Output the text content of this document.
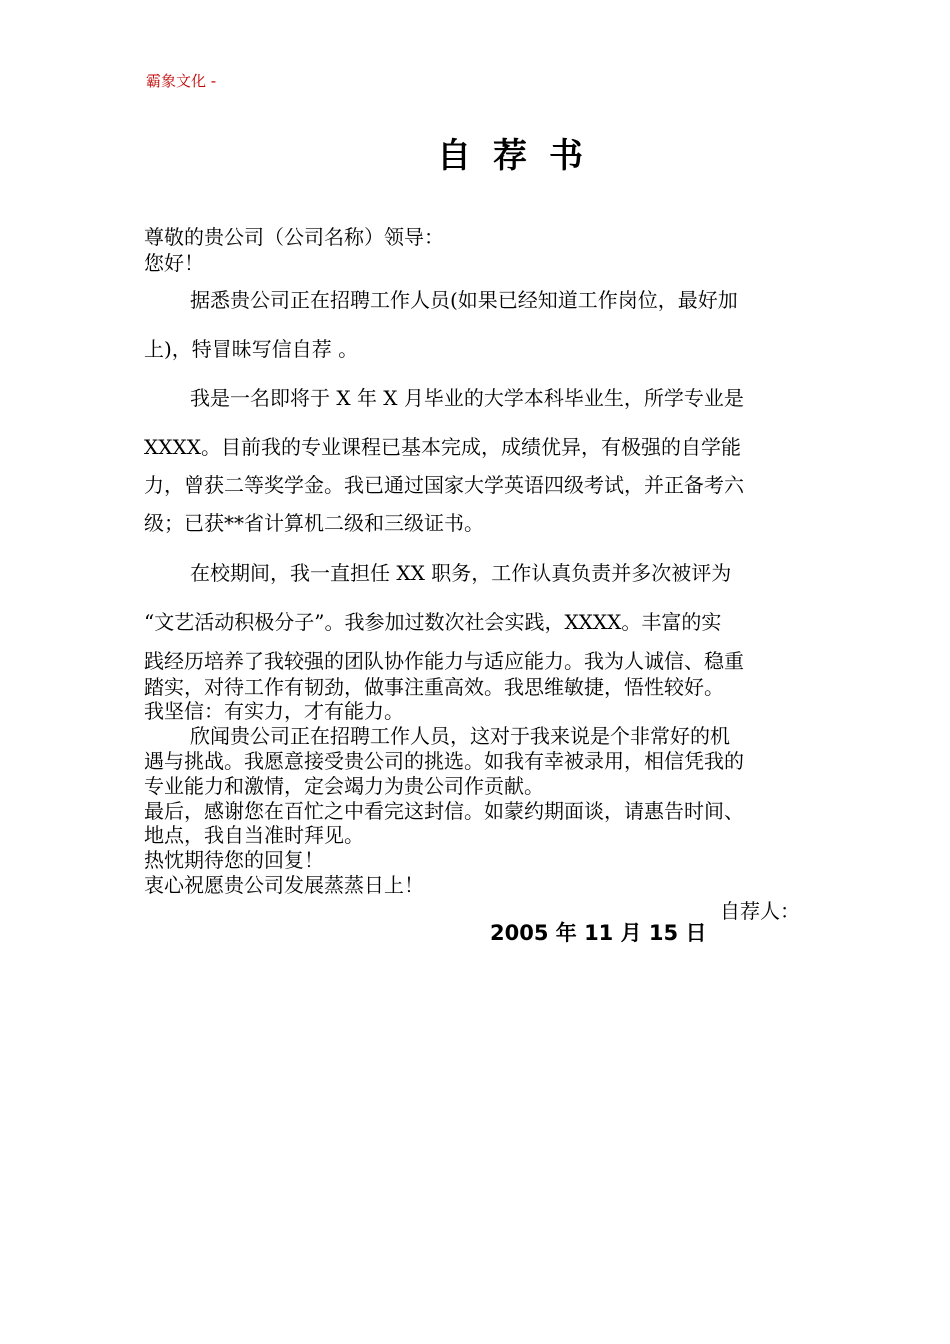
霸象文化 -
自荐书
尊敬的贵公司（公司名称）领导：
您好！
据悉贵公司正在招聘工作人员(如果已经知道工作岗位，最好加
上)，特冒昧写信自荐 。
我是一名即将于 X 年 X 月毕业的大学本科毕业生，所学专业是
XXXX。目前我的专业课程已基本完成，成绩优异，有极强的自学能
力，曾获二等奖学金。我已通过国家大学英语四级考试，并正备考六
级；已获**省计算机二级和三级证书。
在校期间，我一直担任 XX 职务，工作认真负责并多次被评为
“文艺活动积极分子”。我参加过数次社会实践，XXXX。丰富的实
践经历培养了我较强的团队协作能力与适应能力。我为人诚信、稳重
踏实，对待工作有韧劲，做事注重高效。我思维敏捷，悟性较好。
我坚信：有实力，才有能力。
欣闻贵公司正在招聘工作人员，这对于我来说是个非常好的机
遇与挑战。我愿意接受贵公司的挑选。如我有幸被录用，相信凭我的
专业能力和激情，定会竭力为贵公司作贡献。
最后，感谢您在百忙之中看完这封信。如蒙约期面谈，请惠告时间、
地点，我自当准时拜见。
热忱期待您的回复！
衷心祝愿贵公司发展蒸蒸日上！
自荐人：
2005 年 11 月 15 日
